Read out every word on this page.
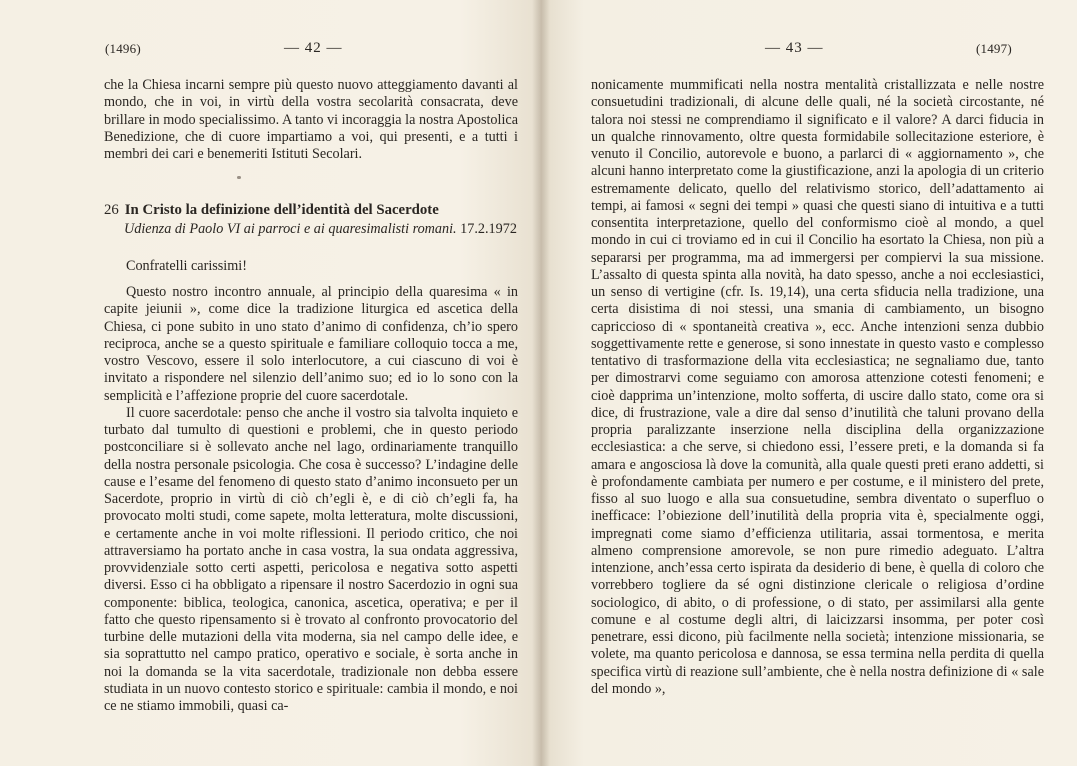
(1496)	— 42 —

che la Chiesa incarni sempre più questo nuovo atteggiamento davanti al mondo, che in voi, in virtù della vostra secolarità consacrata, deve brillare in modo specialissimo. A tanto vi incoraggia la nostra Apostolica Benedizione, che di cuore impartiamo a voi, qui presenti, e a tutti i membri dei cari e benemeriti Istituti Secolari.

26 In Cristo la definizione dell’identità del Sacerdote
Udienza di Paolo VI ai parroci e ai quaresimalisti romani. 17.2.1972
Confratelli carissimi!

Questo nostro incontro annuale, al principio della quaresima « in capite jeiunii », come dice la tradizione liturgica ed ascetica della Chiesa, ci pone subito in uno stato d’animo di confidenza, ch’io spero reciproca, anche se a questo spirituale e familiare colloquio tocca a me, vostro Vescovo, essere il solo interlocutore, a cui ciascuno di voi è invitato a rispondere nel silenzio dell’animo suo; ed io lo sono con la semplicità e l’affezione proprie del cuore sacerdotale.

Il cuore sacerdotale: penso che anche il vostro sia talvolta inquieto e turbato dal tumulto di questioni e problemi, che in questo periodo postconciliare si è sollevato anche nel lago, ordinariamente tranquillo della nostra personale psicologia. Che cosa è successo? L’indagine delle cause e l’esame del fenomeno di questo stato d’animo inconsueto per un Sacerdote, proprio in virtù di ciò ch’egli è, e di ciò ch’egli fa, ha provocato molti studi, come sapete, molta letteratura, molte discussioni, e certamente anche in voi molte riflessioni. Il periodo critico, che noi attraversiamo ha portato anche in casa vostra, la sua ondata aggressiva, provvidenziale sotto certi aspetti, pericolosa e negativa sotto aspetti diversi. Esso ci ha obbligato a ripensare il nostro Sacerdozio in ogni sua componente: biblica, teologica, canonica, ascetica, operativa; e per il fatto che questo ripensamento si è trovato al confronto provocatorio del turbine delle mutazioni della vita moderna, sia nel campo delle idee, e sia soprattutto nel campo pratico, operativo e sociale, è sorta anche in noi la domanda se la vita sacerdotale, tradizionale non debba essere studiata in un nuovo contesto storico e spirituale: cambia il mondo, e noi ce ne stiamo immobili, quasi ca-

— 43 —	(1497)

nonicamente mummificati nella nostra mentalità cristallizzata e nelle nostre consuetudini tradizionali, di alcune delle quali, né la società circostante, né talora noi stessi ne comprendiamo il significato e il valore? A darci fiducia in un qualche rinnovamento, oltre questa formidabile sollecitazione esteriore, è venuto il Concilio, autorevole e buono, a parlarci di « aggiornamento », che alcuni hanno interpretato come la giustificazione, anzi la apologia di un criterio estremamente delicato, quello del relativismo storico, dell’adattamento ai tempi, ai famosi « segni dei tempi » quasi che questi siano di intuitiva e a tutti consentita interpretazione, quello del conformismo cioè al mondo, a quel mondo in cui ci troviamo ed in cui il Concilio ha esortato la Chiesa, non più a separarsi per programma, ma ad immergersi per compiervi la sua missione. L’assalto di questa spinta alla novità, ha dato spesso, anche a noi ecclesiastici, un senso di vertigine (cfr. Is. 19,14), una certa sfiducia nella tradizione, una certa disistima di noi stessi, una smania di cambiamento, un bisogno capriccioso di « spontaneità creativa », ecc. Anche intenzioni senza dubbio soggettivamente rette e generose, si sono innestate in questo vasto e complesso tentativo di trasformazione della vita ecclesiastica; ne segnaliamo due, tanto per dimostrarvi come seguiamo con amorosa attenzione cotesti fenomeni; e cioè dapprima un’intenzione, molto sofferta, di uscire dallo stato, come ora si dice, di frustrazione, vale a dire dal senso d’inutilità che taluni provano della propria paralizzante inserzione nella disciplina della organizzazione ecclesiastica: a che serve, si chiedono essi, l’essere preti, e la domanda si fa amara e angosciosa là dove la comunità, alla quale questi preti erano addetti, si è profondamente cambiata per numero e per costume, e il ministero del prete, fisso al suo luogo e alla sua consuetudine, sembra diventato o superfluo o inefficace: l’obiezione dell’inutilità della propria vita è, specialmente oggi, impregnati come siamo d’efficienza utilitaria, assai tormentosa, e merita almeno comprensione amorevole, se non pure rimedio adeguato. L’altra intenzione, anch’essa certo ispirata da desiderio di bene, è quella di coloro che vorrebbero togliere da sé ogni distinzione clericale o religiosa d’ordine sociologico, di abito, o di professione, o di stato, per assimilarsi alla gente comune e al costume degli altri, di laicizzarsi insomma, per poter così penetrare, essi dicono, più facilmente nella società; intenzione missionaria, se volete, ma quanto pericolosa e dannosa, se essa termina nella perdita di quella specifica virtù di reazione sull’ambiente, che è nella nostra definizione di « sale del mondo »,
